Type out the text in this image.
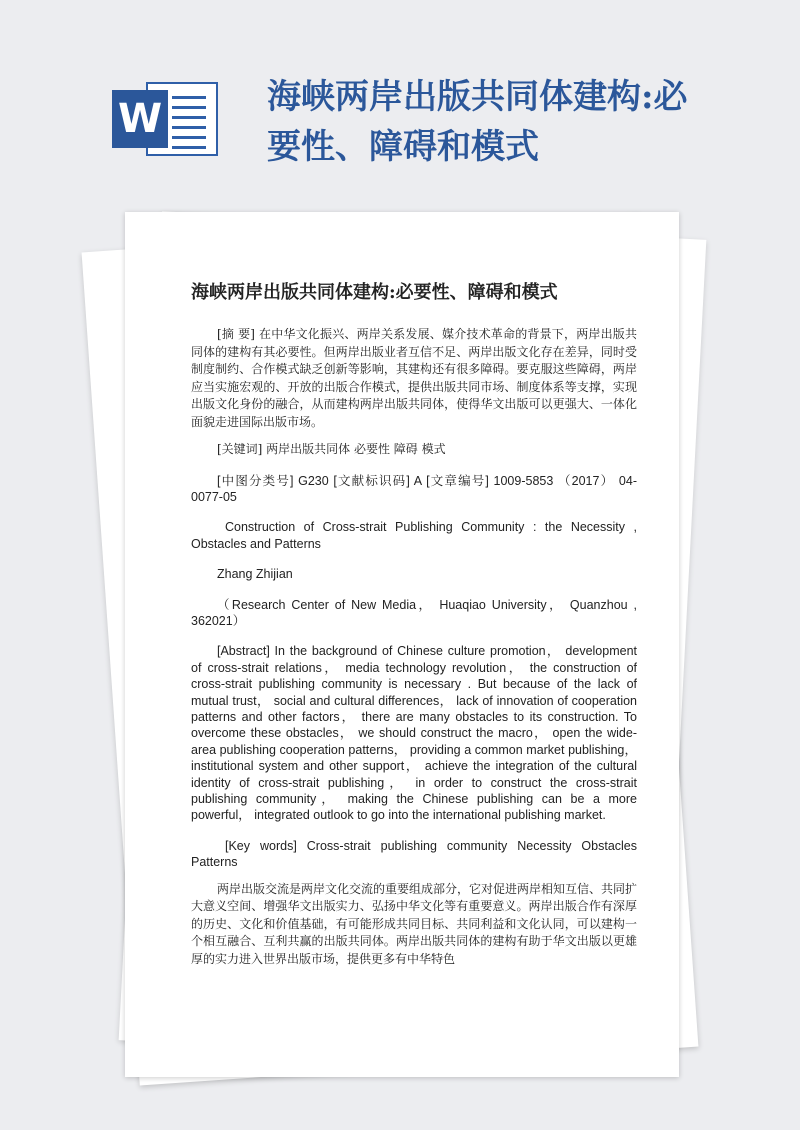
W	海峡两岸出版共同体建构:必要性、障碍和模式
海峡两岸出版共同体建构:必要性、障碍和模式

[摘 要] 在中华文化振兴、两岸关系发展、媒介技术革命的背景下，两岸出版共同体的建构有其必要性。但两岸出版业者互信不足、两岸出版文化存在差异，同时受制度制约、合作模式缺乏创新等影响，其建构还有很多障碍。要克服这些障碍，两岸应当实施宏观的、开放的出版合作模式，提供出版共同市场、制度体系等支撑，实现出版文化身份的融合，从而建构两岸出版共同体，使得华文出版可以更强大、一体化面貌走进国际出版市场。

[关键词] 两岸出版共同体 必要性 障碍 模式

[中图分类号] G230 [文献标识码] A [文章编号] 1009-5853 （2017） 04-0077-05

Construction of Cross-strait Publishing Community : the Necessity , Obstacles and Patterns

Zhang Zhijian

（Research Center of New Media， Huaqiao University， Quanzhou , 362021）

[Abstract] In the background of Chinese culture promotion， development of cross-strait relations， media technology revolution， the construction of cross-strait publishing community is necessary . But because of the lack of mutual trust， social and cultural differences， lack of innovation of cooperation patterns and other factors， there are many obstacles to its construction. To overcome these obstacles， we should construct the macro， open the wide-area publishing cooperation patterns， providing a common market publishing， institutional system and other support， achieve the integration of the cultural identity of cross-strait publishing， in order to construct the cross-strait publishing community， making the Chinese publishing can be a more powerful， integrated outlook to go into the international publishing market.

[Key words] Cross-strait publishing community Necessity Obstacles Patterns

两岸出版交流是两岸文化交流的重要组成部分，它对促进两岸相知互信、共同扩大意义空间、增强华文出版实力、弘扬中华文化等有重要意义。两岸出版合作有深厚的历史、文化和价值基础，有可能形成共同目标、共同利益和文化认同，可以建构一个相互融合、互利共赢的出版共同体。两岸出版共同体的建构有助于华文出版以更雄厚的实力进入世界出版市场，提供更多有中华特色
